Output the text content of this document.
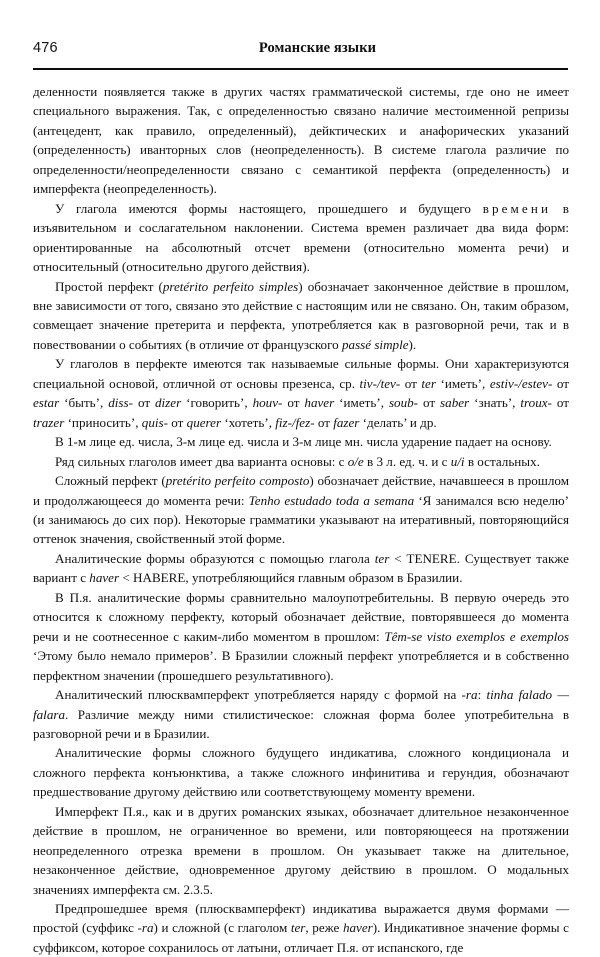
476	Романские языки

деленности появляется также в других частях грамматической системы, где оно не имеет специального выражения. Так, с определенностью связано наличие местоименной репризы (антецедент, как правило, определенный), дейктических и анафорических указаний (определенность) иванторных слов (неопределенность). В системе глагола различие по определенности/неопределенности связано с семантикой перфекта (определенность) и имперфекта (неопределенность).

У глагола имеются формы настоящего, прошедшего и будущего времени в изъявительном и сослагательном наклонении. Система времен различает два вида форм: ориентированные на абсолютный отсчет времени (относительно момента речи) и относительный (относительно другого действия).

Простой перфект (pretérito perfeito simples) обозначает законченное действие в прошлом, вне зависимости от того, связано это действие с настоящим или не связано. Он, таким образом, совмещает значение претерита и перфекта, употребляется как в разговорной речи, так и в повествовании о событиях (в отличие от французского passé simple).

У глаголов в перфекте имеются так называемые сильные формы. Они характеризуются специальной основой, отличной от основы презенса, ср. tiv-/tev- от ter ‘иметь’, estiv-/estev- от estar ‘быть’, diss- от dizer ‘говорить’, houv- от haver ‘иметь’, soub- от saber ‘знать’, troux- от trazer ‘приносить’, quis- от querer ‘хотеть’, fiz-/fez- от fazer ‘делать’ и др.

В 1-м лице ед. числа, 3-м лице ед. числа и 3-м лице мн. числа ударение падает на основу.

Ряд сильных глаголов имеет два варианта основы: с o/e в 3 л. ед. ч. и с u/i в остальных.

Сложный перфект (pretérito perfeito composto) обозначает действие, начавшееся в прошлом и продолжающееся до момента речи: Tenho estudado toda a semana ‘Я занимался всю неделю’ (и занимаюсь до сих пор). Некоторые грамматики указывают на итеративный, повторяющийся оттенок значения, свойственный этой форме.

Аналитические формы образуются с помощью глагола ter < TENERE. Существует также вариант с haver < HABERE, употребляющийся главным образом в Бразилии.

В П.я. аналитические формы сравнительно малоупотребительны. В первую очередь это относится к сложному перфекту, который обозначает действие, повторявшееся до момента речи и не соотнесенное с каким-либо моментом в прошлом: Têm-se visto exemplos e exemplos ‘Этому было немало примеров’. В Бразилии сложный перфект употребляется и в собственно перфектном значении (прошедшего результативного).

Аналитический плюсквамперфект употребляется наряду с формой на -ra: tinha falado — falara. Различие между ними стилистическое: сложная форма более употребительна в разговорной речи и в Бразилии.

Аналитические формы сложного будущего индикатива, сложного кондиционала и сложного перфекта конъюнктива, а также сложного инфинитива и герундия, обозначают предшествование другому действию или соответствующему моменту времени.

Имперфект П.я., как и в других романских языках, обозначает длительное незаконченное действие в прошлом, не ограниченное во времени, или повторяющееся на протяжении неопределенного отрезка времени в прошлом. Он указывает также на длительное, незаконченное действие, одновременное другому действию в прошлом. О модальных значениях имперфекта см. 2.3.5.

Предпрошедшее время (плюсквамперфект) индикатива выражается двумя формами — простой (суффикс -ra) и сложной (с глаголом ter, реже haver). Индикативное значение формы с суффиксом, которое сохранилось от латыни, отличает П.я. от испанского, где
